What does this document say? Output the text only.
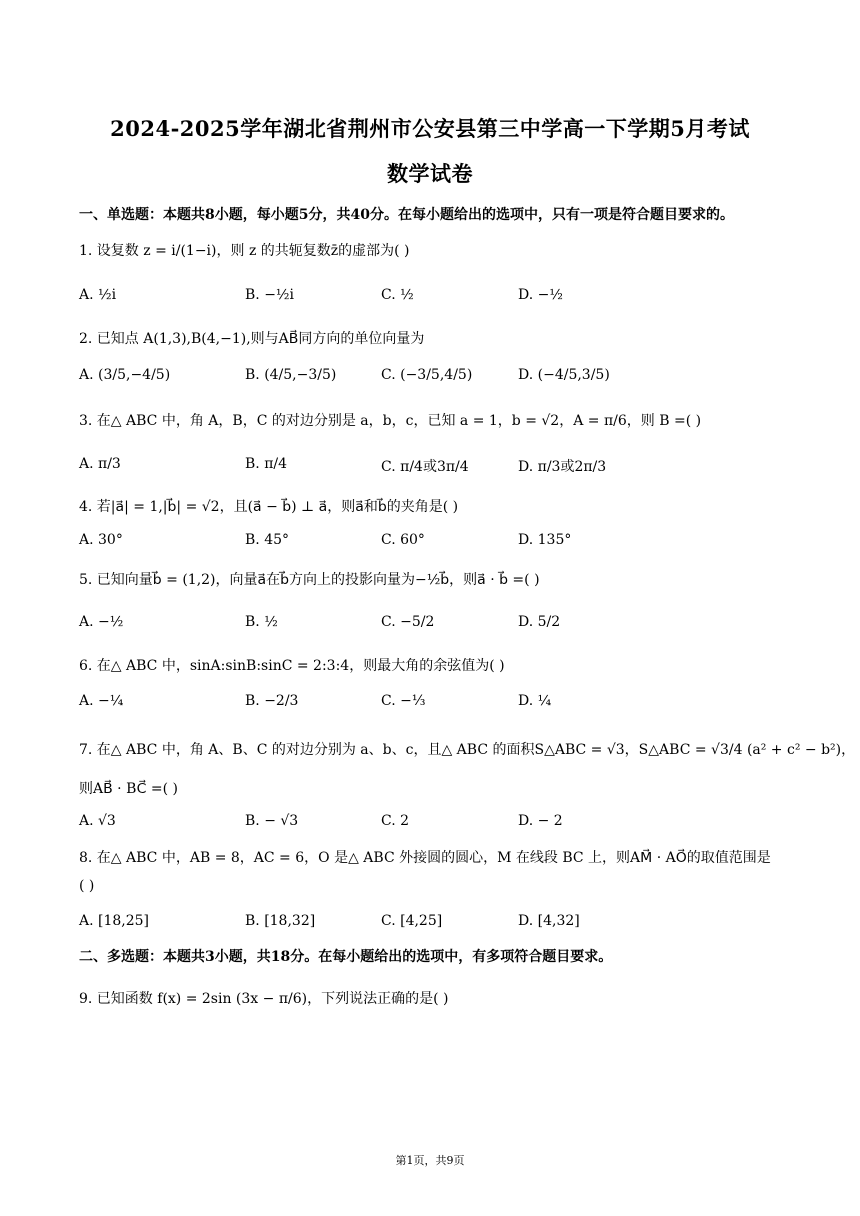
2024-2025学年湖北省荆州市公安县第三中学高一下学期5月考试
数学试卷
一、单选题：本题共8小题，每小题5分，共40分。在每小题给出的选项中，只有一项是符合题目要求的。
1. 设复数 z = i/(1−i)，则 z 的共轭复数z̄的虚部为( )
A. ½i	B. −½i	C. ½	D. −½
2. 已知点 A(1,3),B(4,−1),则与AB⃗同方向的单位向量为
A. (3/5,−4/5)	B. (4/5,−3/5)	C. (−3/5,4/5)	D. (−4/5,3/5)
3. 在△ ABC 中，角 A，B，C 的对边分别是 a，b，c，已知 a = 1，b = √2，A = π/6，则 B =( )
A. π/3	B. π/4	C. π/4或3π/4	D. π/3或2π/3
4. 若|a⃗| = 1,|b⃗| = √2，且(a⃗ − b⃗) ⊥ a⃗，则a⃗和b⃗的夹角是( )
A. 30°	B. 45°	C. 60°	D. 135°
5. 已知向量b⃗ = (1,2)，向量a⃗在b⃗方向上的投影向量为−½b⃗，则a⃗ · b⃗ =( )
A. −½	B. ½	C. −5/2	D. 5/2
6. 在△ ABC 中，sinA:sinB:sinC = 2:3:4，则最大角的余弦值为( )
A. −¼	B. −2/3	C. −⅓	D. ¼
7. 在△ ABC 中，角 A、B、C 的对边分别为 a、b、c，且△ ABC 的面积S△ABC = √3，S△ABC = √3/4 (a² + c² − b²)，
则AB⃗ · BC⃗ =( )
A. √3	B. − √3	C. 2	D. − 2
8. 在△ ABC 中，AB = 8，AC = 6，O 是△ ABC 外接圆的圆心，M 在线段 BC 上，则AM⃗ · AO⃗的取值范围是
( )
A. [18,25]	B. [18,32]	C. [4,25]	D. [4,32]
二、多选题：本题共3小题，共18分。在每小题给出的选项中，有多项符合题目要求。
9. 已知函数 f(x) = 2sin (3x − π/6)，下列说法正确的是( )
第1页，共9页
